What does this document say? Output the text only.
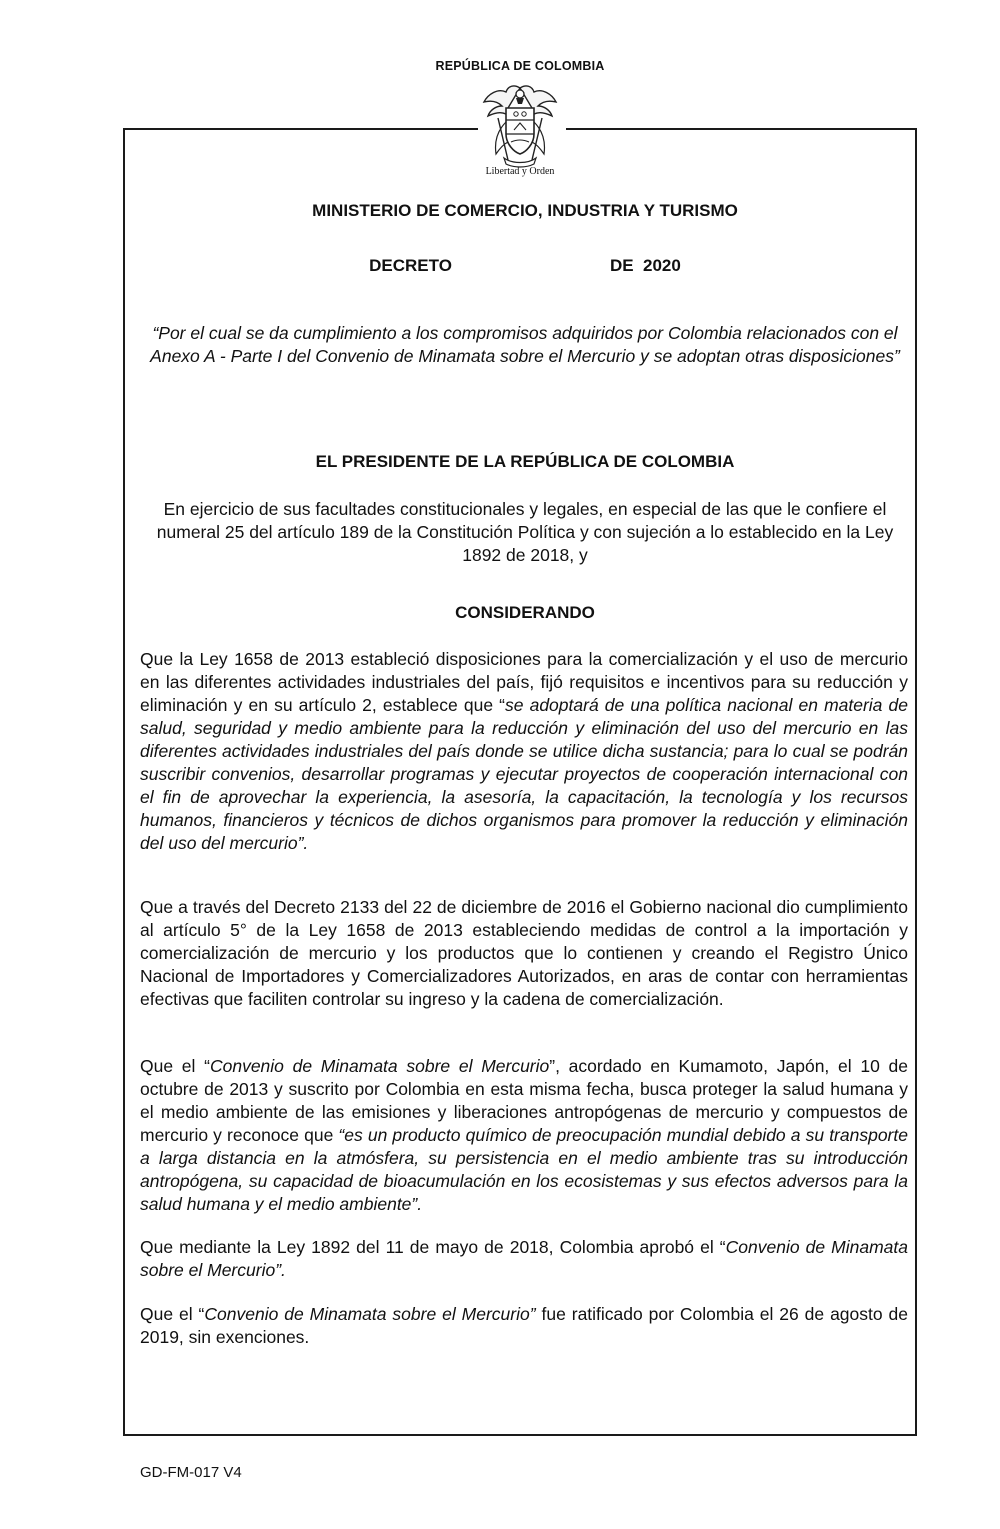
REPÚBLICA DE COLOMBIA
Libertad y Orden
MINISTERIO DE COMERCIO, INDUSTRIA Y TURISMO
DECRETO	DE  2020
“Por el cual se da cumplimiento a los compromisos adquiridos por Colombia relacionados con el Anexo A - Parte I del Convenio de Minamata sobre el Mercurio y se adoptan otras disposiciones”
EL PRESIDENTE DE LA REPÚBLICA DE COLOMBIA
En ejercicio de sus facultades constitucionales y legales, en especial de las que le confiere el numeral 25 del artículo 189 de la Constitución Política y con sujeción a lo establecido en la Ley 1892 de 2018, y
CONSIDERANDO
Que la Ley 1658 de 2013 estableció disposiciones para la comercialización y el uso de mercurio en las diferentes actividades industriales del país, fijó requisitos e incentivos para su reducción y eliminación y en su artículo 2, establece que “se adoptará de una política nacional en materia de salud, seguridad y medio ambiente para la reducción y eliminación del uso del mercurio en las diferentes actividades industriales del país donde se utilice dicha sustancia; para lo cual se podrán suscribir convenios, desarrollar programas y ejecutar proyectos de cooperación internacional con el fin de aprovechar la experiencia, la asesoría, la capacitación, la tecnología y los recursos humanos, financieros y técnicos de dichos organismos para promover la reducción y eliminación del uso del mercurio”.
Que a través del Decreto 2133 del 22 de diciembre de 2016 el Gobierno nacional dio cumplimiento al artículo 5° de la Ley 1658 de 2013 estableciendo medidas de control a la importación y comercialización de mercurio y los productos que lo contienen y creando el Registro Único Nacional de Importadores y Comercializadores Autorizados, en aras de contar con herramientas efectivas que faciliten controlar su ingreso y la cadena de comercialización.
Que el “Convenio de Minamata sobre el Mercurio”, acordado en Kumamoto, Japón, el 10 de octubre de 2013 y suscrito por Colombia en esta misma fecha, busca proteger la salud humana y el medio ambiente de las emisiones y liberaciones antropógenas de mercurio y compuestos de mercurio y reconoce que “es un producto químico de preocupación mundial debido a su transporte a larga distancia en la atmósfera, su persistencia en el medio ambiente tras su introducción antropógena, su capacidad de bioacumulación en los ecosistemas y sus efectos adversos para la salud humana y el medio ambiente”.
Que mediante la Ley 1892 del 11 de mayo de 2018, Colombia aprobó el “Convenio de Minamata sobre el Mercurio”.
Que el “Convenio de Minamata sobre el Mercurio” fue ratificado por Colombia el 26 de agosto de 2019, sin exenciones.
GD-FM-017 V4
